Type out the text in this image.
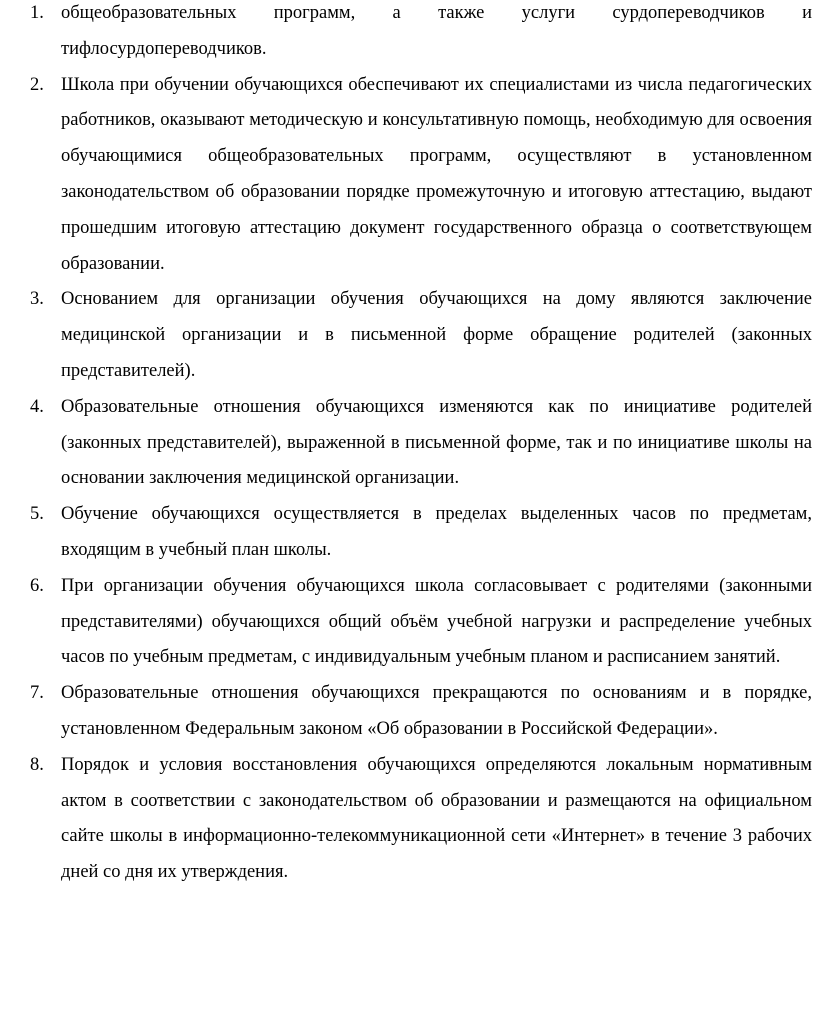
1. общеобразовательных программ, а также услуги сурдопереводчиков и тифлосурдопереводчиков.
2. Школа при обучении обучающихся обеспечивают их специалистами из числа педагогических работников, оказывают методическую и консультативную помощь, необходимую для освоения обучающимися общеобразовательных программ, осуществляют в установленном законодательством об образовании порядке промежуточную и итоговую аттестацию, выдают прошедшим итоговую аттестацию документ государственного образца о соответствующем образовании.
3. Основанием для организации обучения обучающихся на дому являются заключение медицинской организации и в письменной форме обращение родителей (законных представителей).
4. Образовательные отношения обучающихся изменяются как по инициативе родителей (законных представителей), выраженной в письменной форме, так и по инициативе школы на основании заключения медицинской организации.
5. Обучение обучающихся осуществляется в пределах выделенных часов по предметам, входящим в учебный план школы.
6. При организации обучения обучающихся школа согласовывает с родителями (законными представителями) обучающихся общий объём учебной нагрузки и распределение учебных часов по учебным предметам, с индивидуальным учебным планом и расписанием занятий.
7. Образовательные отношения обучающихся прекращаются по основаниям и в порядке, установленном Федеральным законом «Об образовании в Российской Федерации».
8. Порядок и условия восстановления обучающихся определяются локальным нормативным актом в соответствии с законодательством об образовании и размещаются на официальном сайте школы в информационно-телекоммуникационной сети «Интернет» в течение 3 рабочих дней со дня их утверждения.
